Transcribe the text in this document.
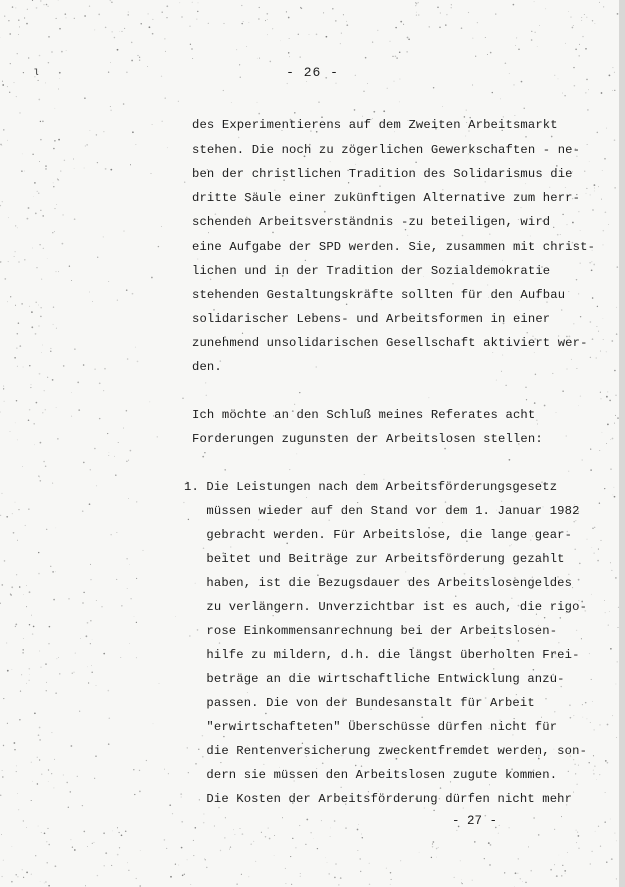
ɩ	- 26 -

des Experimentierens auf dem Zweiten Arbeitsmarkt

stehen. Die noch zu zögerlichen Gewerkschaften - ne-

ben der christlichen Tradition des Solidarismus die

dritte Säule einer zukünftigen Alternative zum herr-

schenden Arbeitsverständnis -zu beteiligen, wird

eine Aufgabe der SPD werden. Sie, zusammen mit christ-

lichen und in der Tradition der Sozialdemokratie

stehenden Gestaltungskräfte sollten für den Aufbau

solidarischer Lebens- und Arbeitsformen in einer

zunehmend unsolidarischen Gesellschaft aktiviert wer-

den.

Ich möchte an den Schluß meines Referates acht

Forderungen zugunsten der Arbeitslosen stellen:

1. Die Leistungen nach dem Arbeitsförderungsgesetz

müssen wieder auf den Stand vor dem 1. Januar 1982

gebracht werden. Für Arbeitslose, die lange gear-

beitet und Beiträge zur Arbeitsförderung gezahlt

haben, ist die Bezugsdauer des Arbeitslosengeldes

zu verlängern. Unverzichtbar ist es auch, die rigo-

rose Einkommensanrechnung bei der Arbeitslosen-

hilfe zu mildern, d.h. die längst überholten Frei-

beträge an die wirtschaftliche Entwicklung anzu-

passen. Die von der Bundesanstalt für Arbeit

"erwirtschafteten" Überschüsse dürfen nicht für

die Rentenversicherung zweckentfremdet werden, son-

dern sie müssen den Arbeitslosen zugute kommen.

Die Kosten der Arbeitsförderung dürfen nicht mehr

- 27 -
